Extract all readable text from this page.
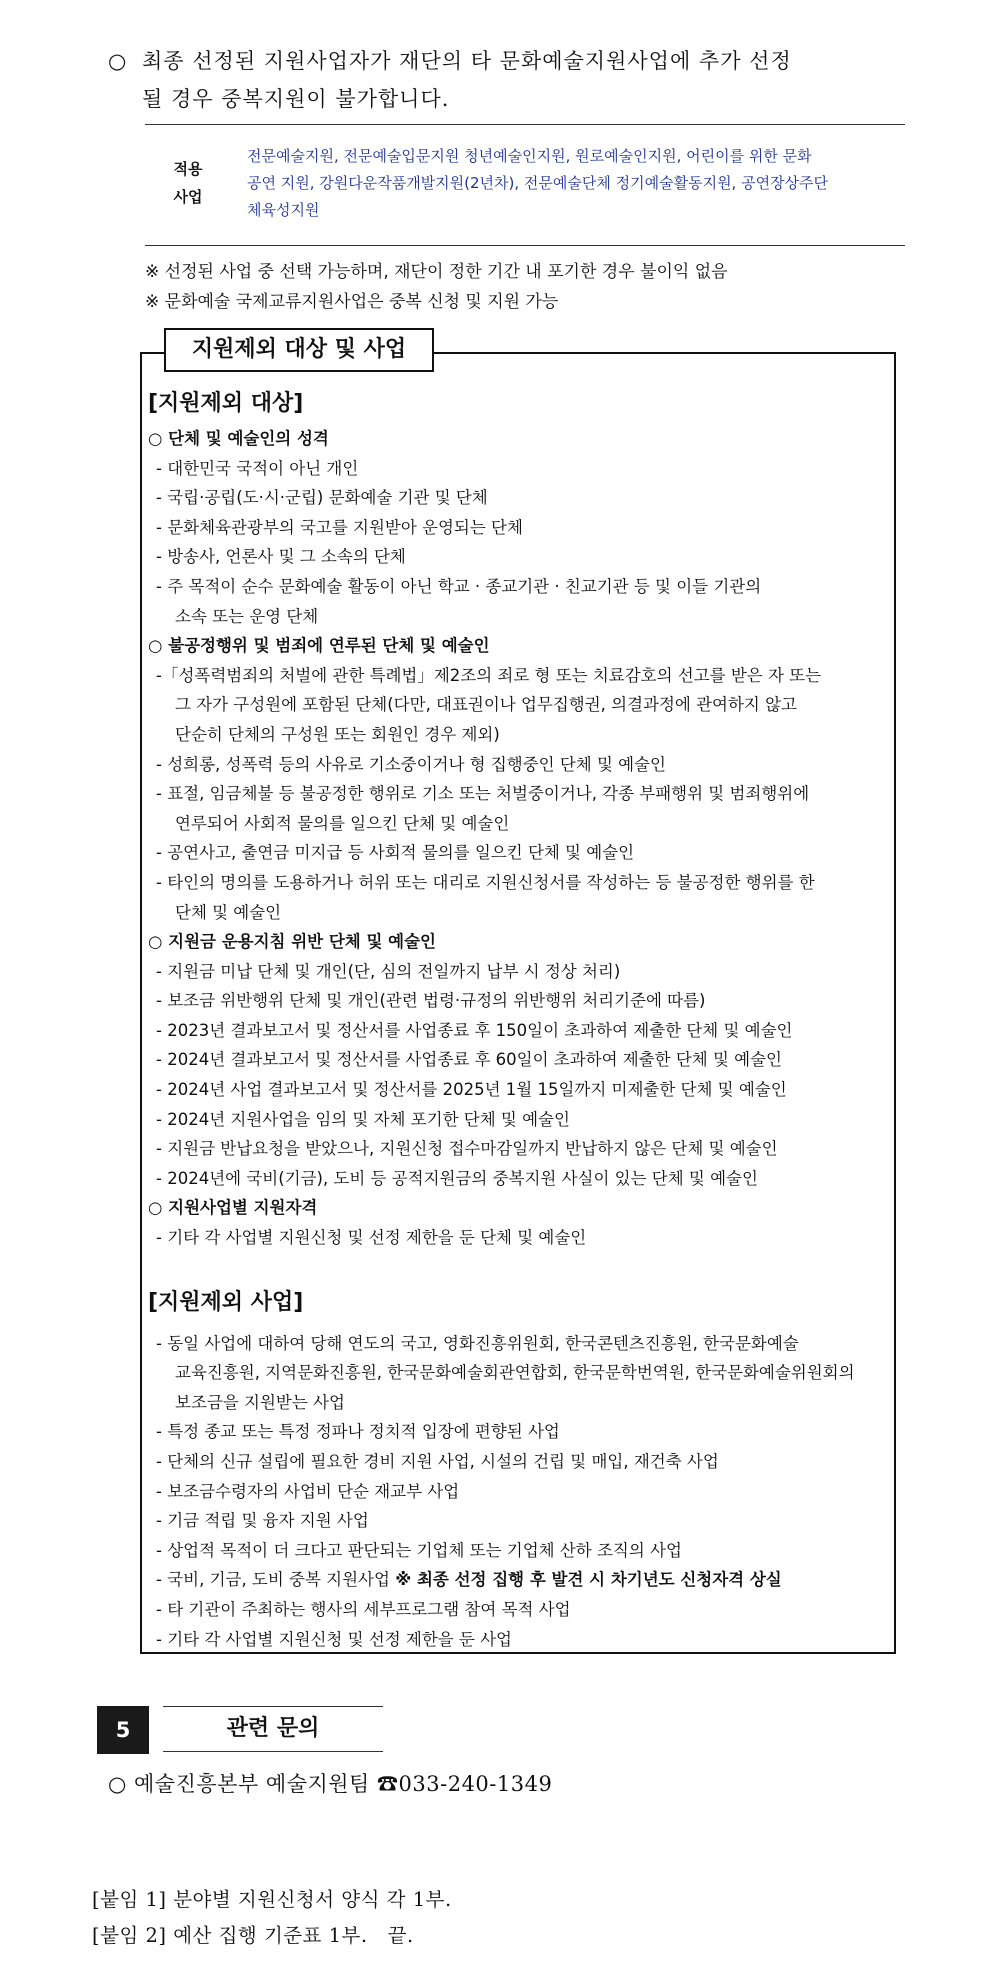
○ 최종 선정된 지원사업자가 재단의 타 문화예술지원사업에 추가 선정
될 경우 중복지원이 불가합니다.
적용
사업
전문예술지원, 전문예술입문지원 청년예술인지원, 원로예술인지원, 어린이를 위한 문화
공연 지원, 강원다운작품개발지원(2년차), 전문예술단체 정기예술활동지원, 공연장상주단
체육성지원
※ 선정된 사업 중 선택 가능하며, 재단이 정한 기간 내 포기한 경우 불이익 없음
※ 문화예술 국제교류지원사업은 중복 신청 및 지원 가능
지원제외 대상 및 사업
[지원제외 대상]
○ 단체 및 예술인의 성격
- 대한민국 국적이 아닌 개인
- 국립·공립(도·시·군립) 문화예술 기관 및 단체
- 문화체육관광부의 국고를 지원받아 운영되는 단체
- 방송사, 언론사 및 그 소속의 단체
- 주 목적이 순수 문화예술 활동이 아닌 학교 · 종교기관 · 친교기관 등 및 이들 기관의
소속 또는 운영 단체
○ 불공정행위 및 범죄에 연루된 단체 및 예술인
-「성폭력범죄의 처벌에 관한 특례법」제2조의 죄로 형 또는 치료감호의 선고를 받은 자 또는
그 자가 구성원에 포함된 단체(다만, 대표권이나 업무집행권, 의결과정에 관여하지 않고
단순히 단체의 구성원 또는 회원인 경우 제외)
- 성희롱, 성폭력 등의 사유로 기소중이거나 형 집행중인 단체 및 예술인
- 표절, 임금체불 등 불공정한 행위로 기소 또는 처벌중이거나, 각종 부패행위 및 범죄행위에
연루되어 사회적 물의를 일으킨 단체 및 예술인
- 공연사고, 출연금 미지급 등 사회적 물의를 일으킨 단체 및 예술인
- 타인의 명의를 도용하거나 허위 또는 대리로 지원신청서를 작성하는 등 불공정한 행위를 한
단체 및 예술인
○ 지원금 운용지침 위반 단체 및 예술인
- 지원금 미납 단체 및 개인(단, 심의 전일까지 납부 시 정상 처리)
- 보조금 위반행위 단체 및 개인(관련 법령·규정의 위반행위 처리기준에 따름)
- 2023년 결과보고서 및 정산서를 사업종료 후 150일이 초과하여 제출한 단체 및 예술인
- 2024년 결과보고서 및 정산서를 사업종료 후 60일이 초과하여 제출한 단체 및 예술인
- 2024년 사업 결과보고서 및 정산서를 2025년 1월 15일까지 미제출한 단체 및 예술인
- 2024년 지원사업을 임의 및 자체 포기한 단체 및 예술인
- 지원금 반납요청을 받았으나, 지원신청 접수마감일까지 반납하지 않은 단체 및 예술인
- 2024년에 국비(기금), 도비 등 공적지원금의 중복지원 사실이 있는 단체 및 예술인
○ 지원사업별 지원자격
- 기타 각 사업별 지원신청 및 선정 제한을 둔 단체 및 예술인
[지원제외 사업]
- 동일 사업에 대하여 당해 연도의 국고, 영화진흥위원회, 한국콘텐츠진흥원, 한국문화예술
교육진흥원, 지역문화진흥원, 한국문화예술회관연합회, 한국문학번역원, 한국문화예술위원회의
보조금을 지원받는 사업
- 특정 종교 또는 특정 정파나 정치적 입장에 편향된 사업
- 단체의 신규 설립에 필요한 경비 지원 사업, 시설의 건립 및 매입, 재건축 사업
- 보조금수령자의 사업비 단순 재교부 사업
- 기금 적립 및 융자 지원 사업
- 상업적 목적이 더 크다고 판단되는 기업체 또는 기업체 산하 조직의 사업
- 국비, 기금, 도비 중복 지원사업 ※ 최종 선정 집행 후 발견 시 차기년도 신청자격 상실
- 타 기관이 주최하는 행사의 세부프로그램 참여 목적 사업
- 기타 각 사업별 지원신청 및 선정 제한을 둔 사업
5	관련 문의
○ 예술진흥본부 예술지원팀 ☎033-240-1349
[붙임 1] 분야별 지원신청서 양식 각 1부.
[붙임 2] 예산 집행 기준표 1부.   끝.
